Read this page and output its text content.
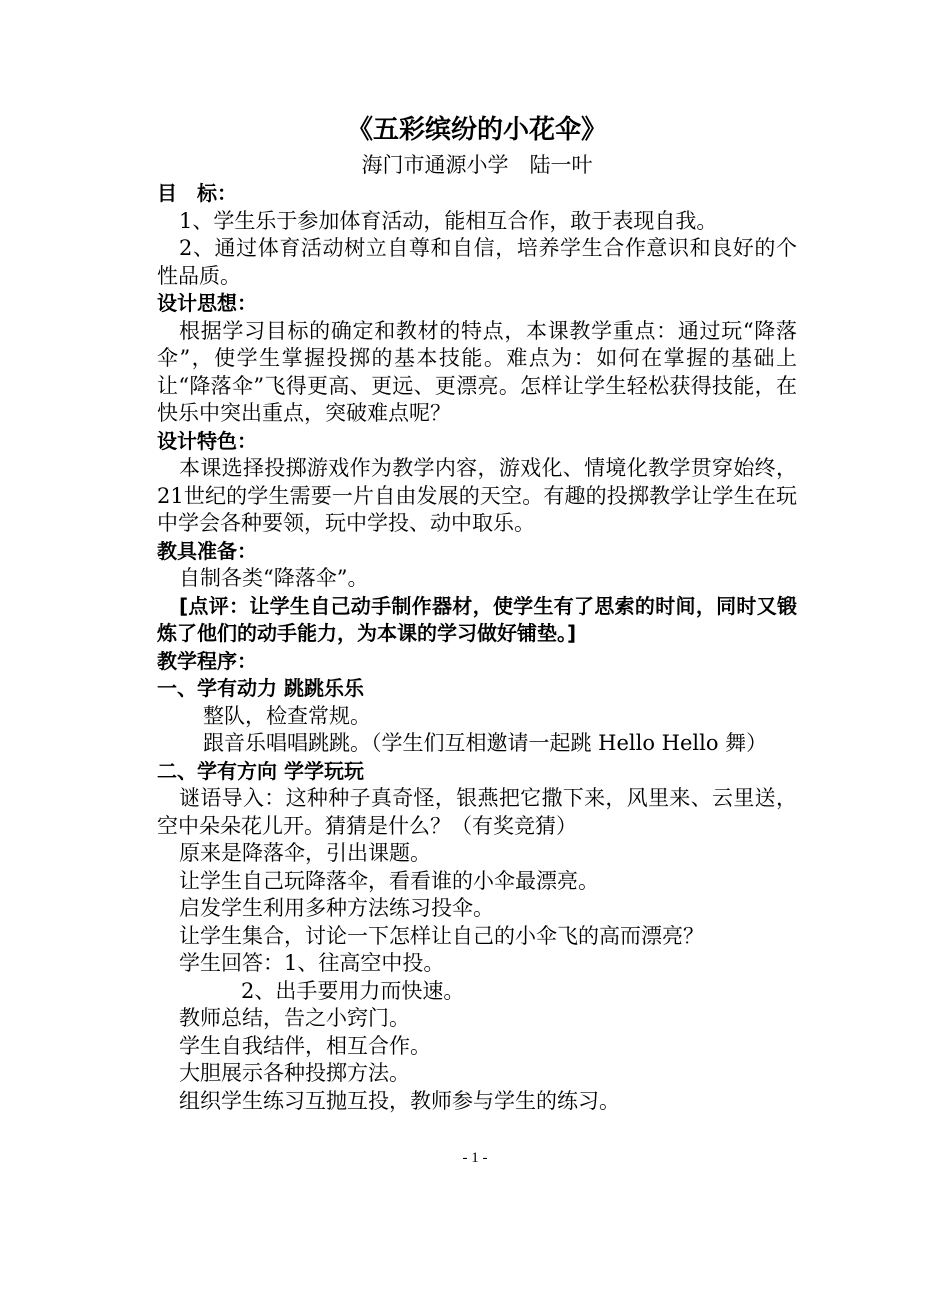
《五彩缤纷的小花伞》

海门市通源小学　陆一叶

目　标：

1、学生乐于参加体育活动，能相互合作，敢于表现自我。

2、通过体育活动树立自尊和自信，培养学生合作意识和良好的个性品质。

设计思想：

根据学习目标的确定和教材的特点，本课教学重点：通过玩“降落伞”，使学生掌握投掷的基本技能。难点为：如何在掌握的基础上让“降落伞”飞得更高、更远、更漂亮。怎样让学生轻松获得技能，在快乐中突出重点，突破难点呢？

设计特色：

本课选择投掷游戏作为教学内容，游戏化、情境化教学贯穿始终，21世纪的学生需要一片自由发展的天空。有趣的投掷教学让学生在玩中学会各种要领，玩中学投、动中取乐。

教具准备：

自制各类“降落伞”。

[点评：让学生自己动手制作器材，使学生有了思索的时间，同时又锻炼了他们的动手能力，为本课的学习做好铺垫。]

教学程序：

一、学有动力 跳跳乐乐

整队，检查常规。

跟音乐唱唱跳跳。（学生们互相邀请一起跳 Hello Hello 舞）

二、学有方向 学学玩玩

谜语导入：这种种子真奇怪，银燕把它撒下来，风里来、云里送，空中朵朵花儿开。猜猜是什么？（有奖竞猜）

原来是降落伞，引出课题。

让学生自己玩降落伞，看看谁的小伞最漂亮。

启发学生利用多种方法练习投伞。

让学生集合，讨论一下怎样让自己的小伞飞的高而漂亮？

学生回答：1、往高空中投。

2、出手要用力而快速。

教师总结，告之小窍门。

学生自我结伴，相互合作。

大胆展示各种投掷方法。

组织学生练习互抛互投，教师参与学生的练习。

- 1 -
